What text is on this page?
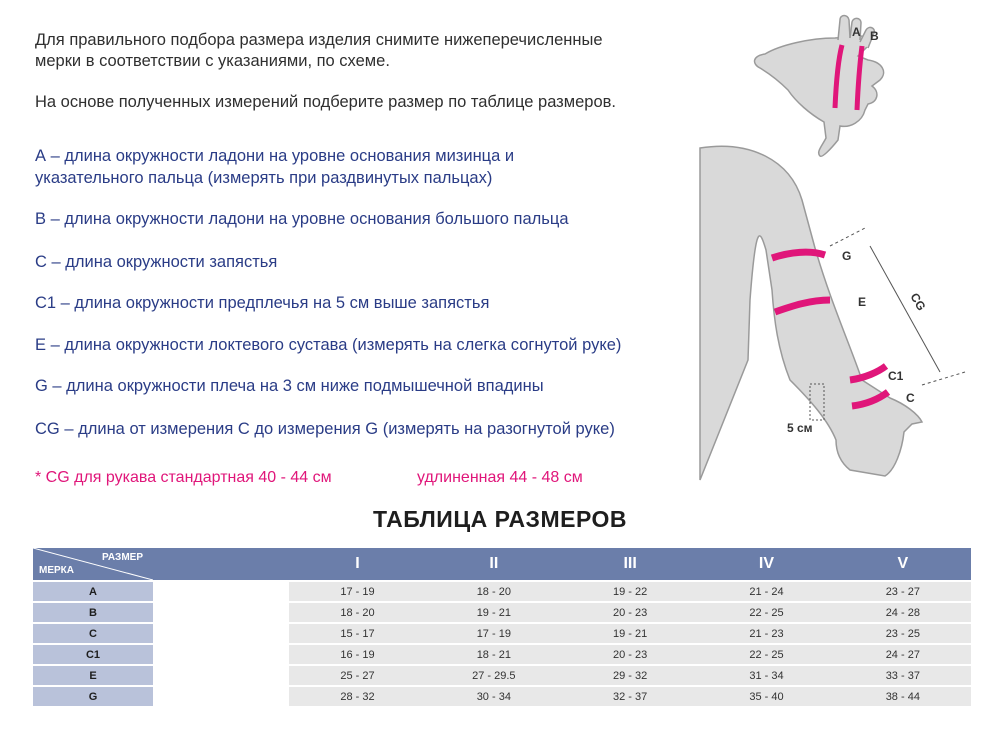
Для правильного подбора размера изделия снимите нижеперечисленные

мерки в соответствии с указаниями, по схеме.

На основе полученных измерений подберите размер по таблице размеров.

А – длина окружности ладони на уровне основания мизинца и
указательного пальца (измерять при раздвинутых пальцах)
B – длина окружности ладони на уровне основания большого пальца
C – длина окружности запястья
C1 – длина окружности предплечья на 5 см выше запястья
E – длина окружности локтевого сустава (измерять на слегка согнутой руке)
G – длина окружности плеча на 3 см ниже подмышечной впадины
CG – длина от измерения C до измерения G (измерять на разогнутой руке)
* CG для рукава стандартная 40 - 44 см	удлиненная 44 - 48 см
A B
G
E	CG
C1
C
5 см
ТАБЛИЦА РАЗМЕРОВ
РАЗМЕР
МЕРКА		I	II	III	IV	V
A		17 - 19	18 - 20	19 - 22	21 - 24	23 - 27
B		18 - 20	19 - 21	20 - 23	22 - 25	24 - 28
C		15 - 17	17 - 19	19 - 21	21 - 23	23 - 25
C1		16 - 19	18 - 21	20 - 23	22 - 25	24 - 27
E		25 - 27	27 - 29.5	29 - 32	31 - 34	33 - 37
G		28 - 32	30 - 34	32 - 37	35 - 40	38 - 44
